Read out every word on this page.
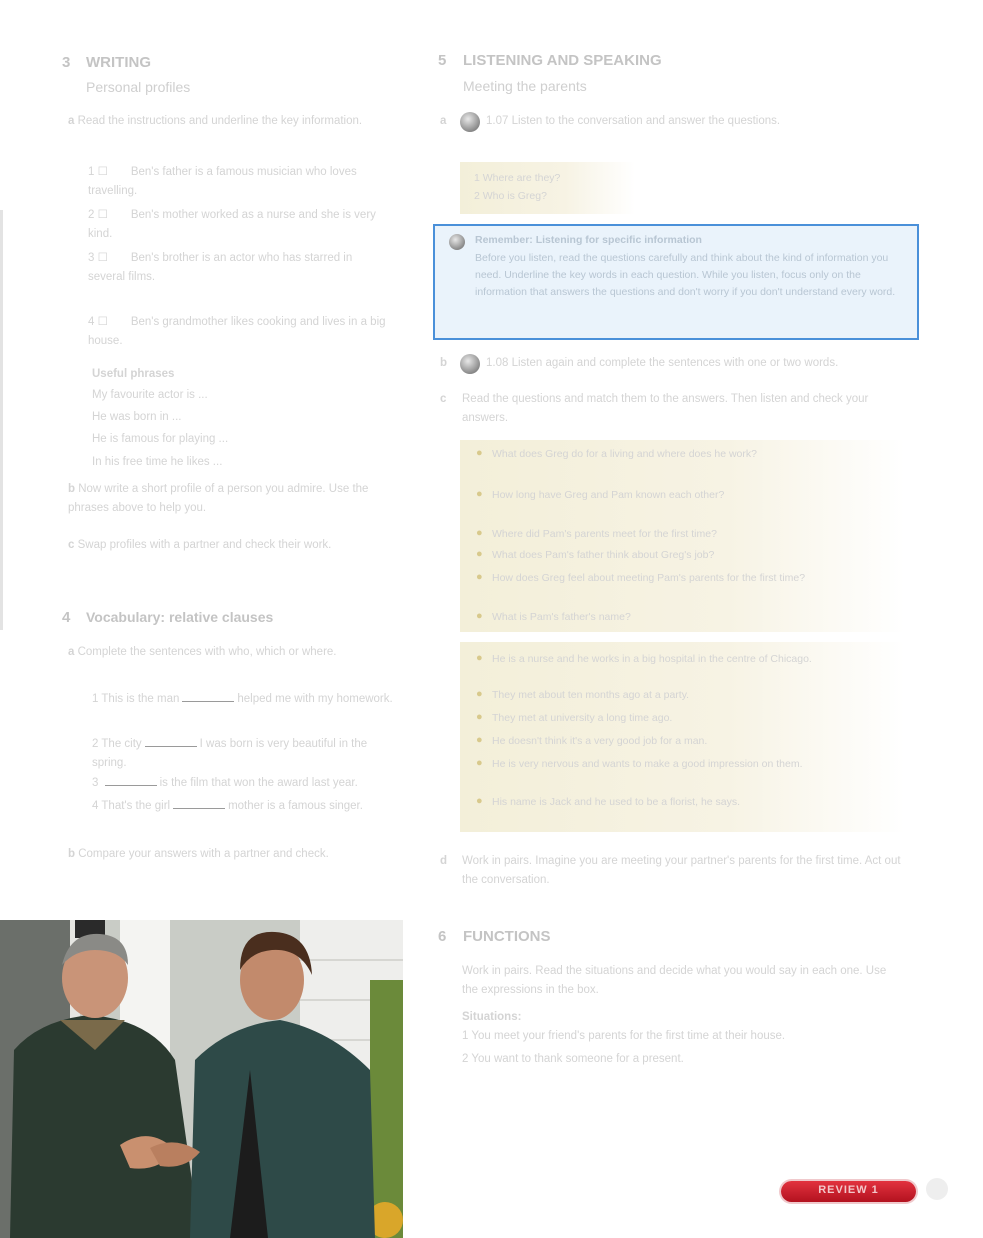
3 WRITING
Personal profiles
a Read the instructions and underline the key information.
1 ☐ Ben's father is a famous musician who loves travelling.
2 ☐ Ben's mother worked as a nurse and she is very kind.
3 ☐ Ben's brother is an actor who has starred in several films.
4 ☐ Ben's grandmother likes cooking and lives in a big house.
Useful phrases
My favourite actor is ...
He was born in ...
He is famous for playing ...
In his free time he likes ...
b Now write a short profile of a person you admire. Use the phrases above to help you.
c Swap profiles with a partner and check their work.
4 Vocabulary: relative clauses
a Complete the sentences with who, which or where.
1 This is the man	helped me with my homework.
2 The city	I was born is very beautiful in the spring.
3	is the film that won the award last year.
4 That's the girl	mother is a famous singer.
b Compare your answers with a partner and check.
5 LISTENING AND SPEAKING
Meeting the parents
a	1.07 Listen to the conversation and answer the questions.
1 Where are they?
2 Who is Greg?
Remember: Listening for specific information
Before you listen, read the questions carefully and think about the kind of information you need. Underline the key words in each question. While you listen, focus only on the information that answers the questions and don't worry if you don't understand every word.
b	1.08 Listen again and complete the sentences with one or two words.
c Read the questions and match them to the answers. Then listen and check your answers.
● What does Greg do for a living and where does he work?
● How long have Greg and Pam known each other?
● Where did Pam's parents meet for the first time?
● What does Pam's father think about Greg's job?
● How does Greg feel about meeting Pam's parents for the first time?
● What is Pam's father's name?
● He is a nurse and he works in a big hospital in the centre of Chicago.
● They met about ten months ago at a party.
● They met at university a long time ago.
● He doesn't think it's a very good job for a man.
● He is very nervous and wants to make a good impression on them.
● His name is Jack and he used to be a florist, he says.
d Work in pairs. Imagine you are meeting your partner's parents for the first time. Act out the conversation.
6 FUNCTIONS
Work in pairs. Read the situations and decide what you would say in each one. Use the expressions in the box.
Situations:
1 You meet your friend's parents for the first time at their house.
2 You want to thank someone for a present.
REVIEW 1
